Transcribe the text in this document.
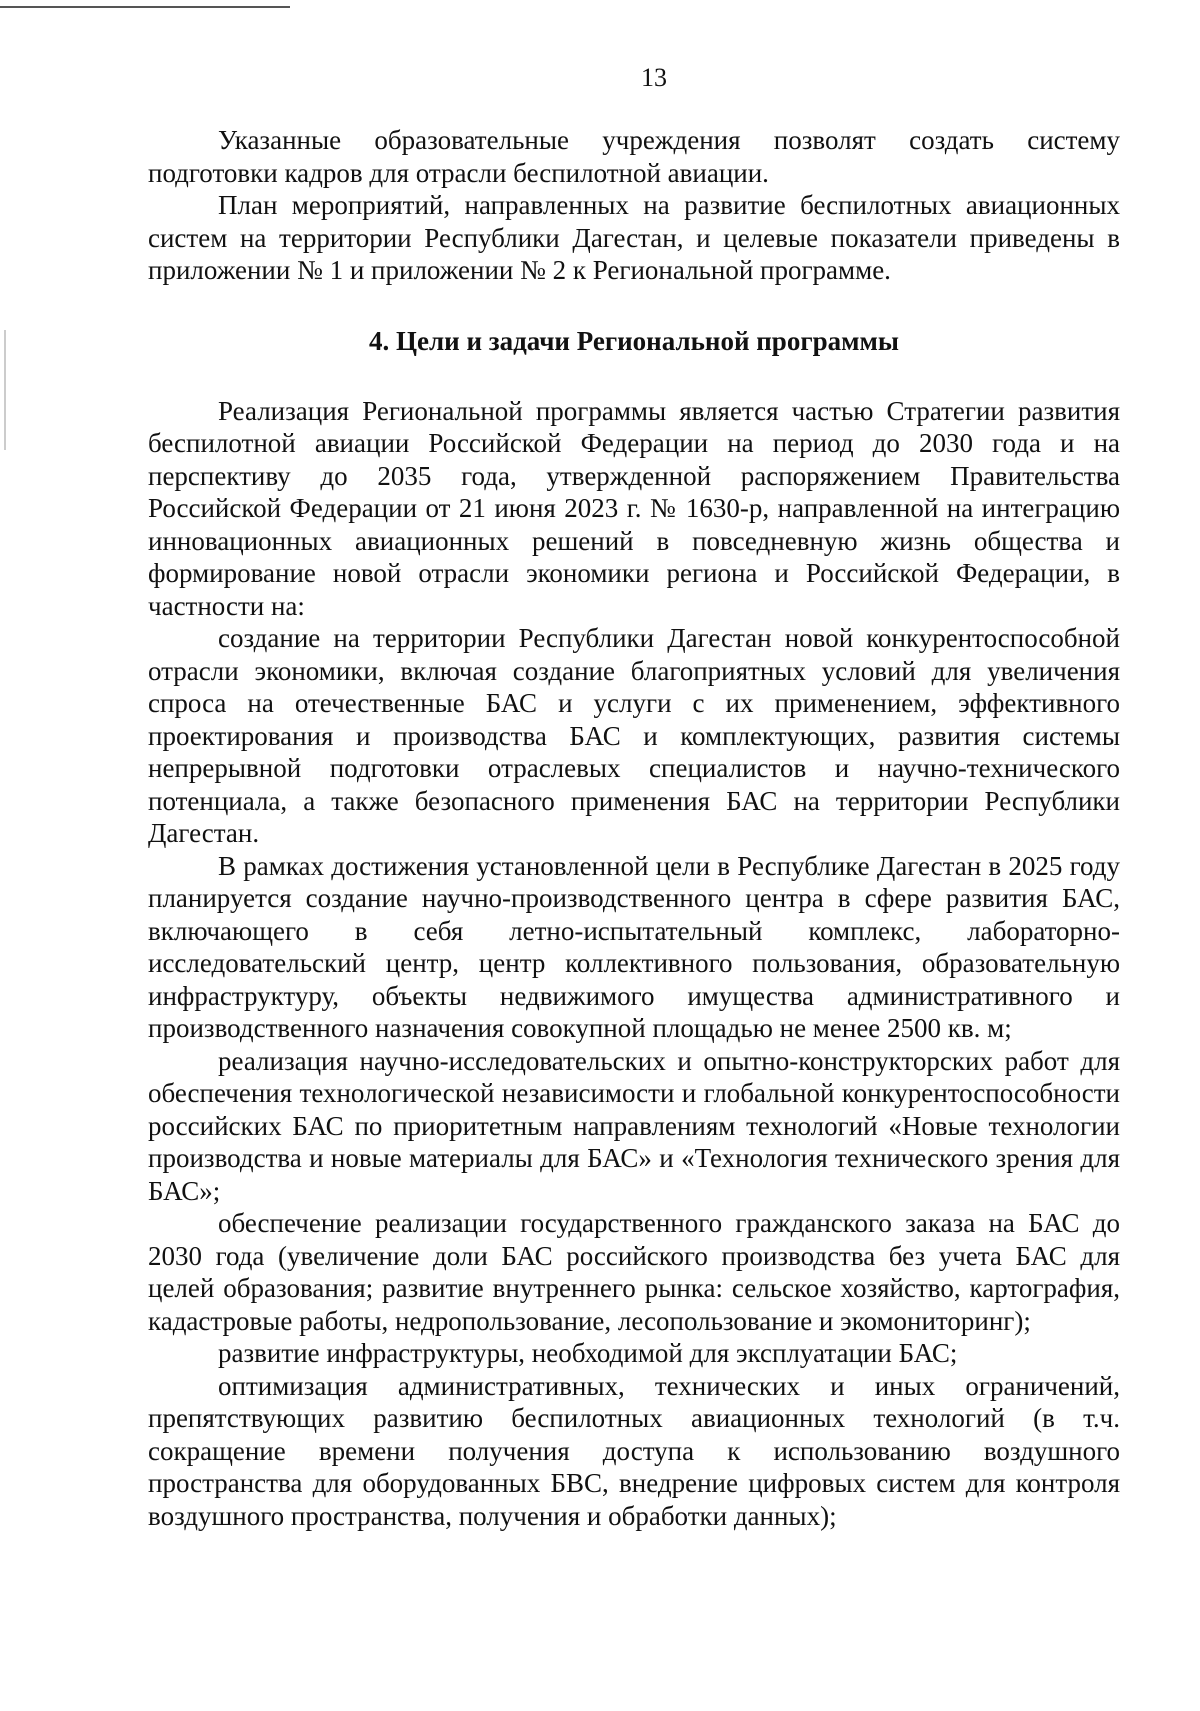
13

Указанные образовательные учреждения позволят создать систему подготовки кадров для отрасли беспилотной авиации.

План мероприятий, направленных на развитие беспилотных авиационных систем на территории Республики Дагестан, и целевые показатели приведены в приложении № 1 и приложении № 2 к Региональной программе.

4. Цели и задачи Региональной программы

Реализация Региональной программы является частью Стратегии развития беспилотной авиации Российской Федерации на период до 2030 года и на перспективу до 2035 года, утвержденной распоряжением Правительства Российской Федерации от 21 июня 2023 г. № 1630-р, направленной на интеграцию инновационных авиационных решений в повседневную жизнь общества и формирование новой отрасли экономики региона и Российской Федерации, в частности на:

создание на территории Республики Дагестан новой конкурентоспособной отрасли экономики, включая создание благоприятных условий для увеличения спроса на отечественные БАС и услуги с их применением, эффективного проектирования и производства БАС и комплектующих, развития системы непрерывной подготовки отраслевых специалистов и научно-технического потенциала, а также безопасного применения БАС на территории Республики Дагестан.

В рамках достижения установленной цели в Республике Дагестан в 2025 году планируется создание научно-производственного центра в сфере развития БАС, включающего в себя летно-испытательный комплекс, лабораторно-исследовательский центр, центр коллективного пользования, образовательную инфраструктуру, объекты недвижимого имущества административного и производственного назначения совокупной площадью не менее 2500 кв. м;

реализация научно-исследовательских и опытно-конструкторских работ для обеспечения технологической независимости и глобальной конкурентоспособности российских БАС по приоритетным направлениям технологий «Новые технологии производства и новые материалы для БАС» и «Технология технического зрения для БАС»;

обеспечение реализации государственного гражданского заказа на БАС до 2030 года (увеличение доли БАС российского производства без учета БАС для целей образования; развитие внутреннего рынка: сельское хозяйство, картография, кадастровые работы, недропользование, лесопользование и экомониторинг);

развитие инфраструктуры, необходимой для эксплуатации БАС;

оптимизация административных, технических и иных ограничений, препятствующих развитию беспилотных авиационных технологий (в т.ч. сокращение времени получения доступа к использованию воздушного пространства для оборудованных БВС, внедрение цифровых систем для контроля воздушного пространства, получения и обработки данных);
